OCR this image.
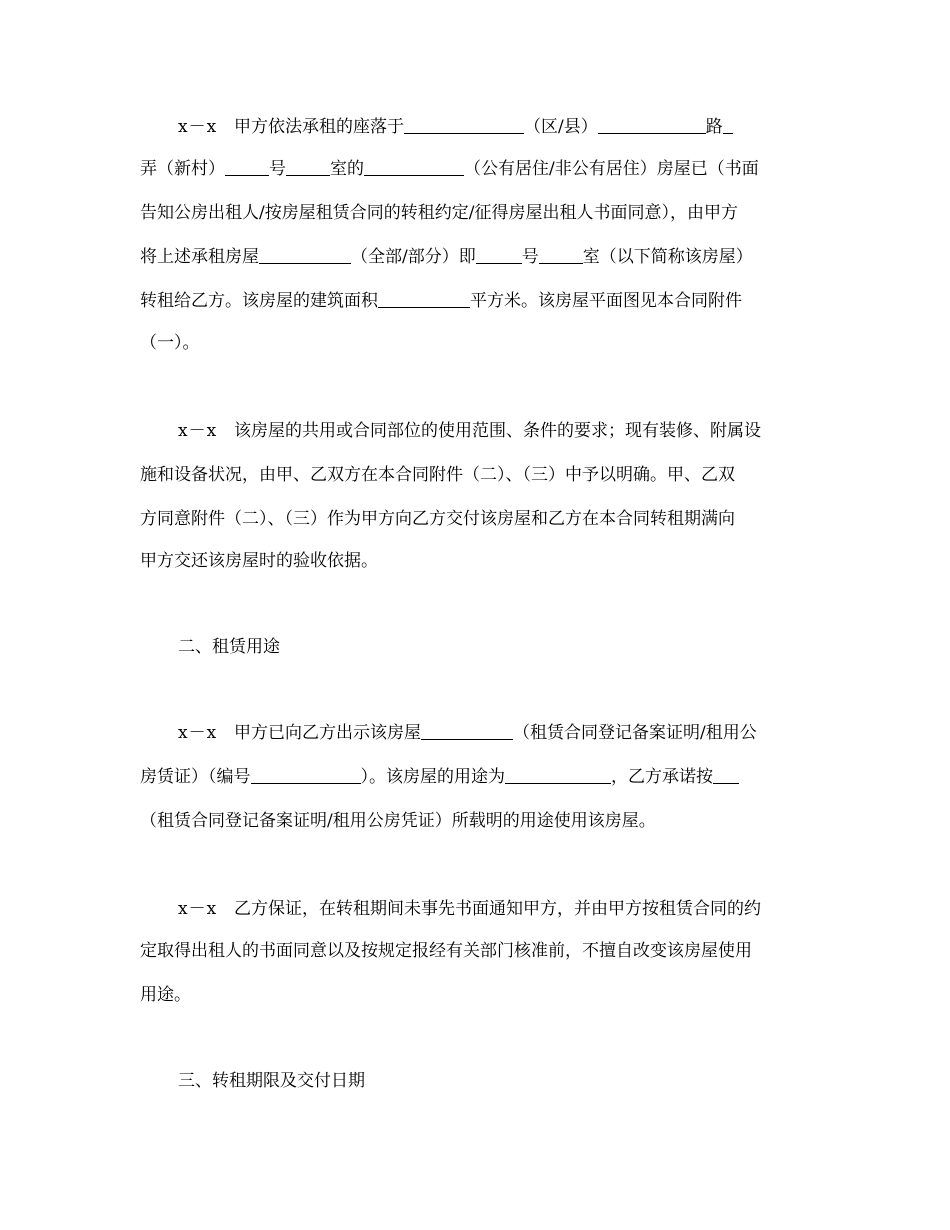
x－x 甲方依法承租的座落于	（区/县）	路
弄（新村）	号	室的	（公有居住/非公有居住）房屋已（书面
告知公房出租人/按房屋租赁合同的转租约定/征得房屋出租人书面同意），由甲方
将上述承租房屋	（全部/部分）即	号	室（以下简称该房屋）
转租给乙方。该房屋的建筑面积	平方米。该房屋平面图见本合同附件
（一）。
x－x 该房屋的共用或合同部位的使用范围、条件的要求；现有装修、附属设
施和设备状况，由甲、乙双方在本合同附件（二）、（三）中予以明确。甲、乙双
方同意附件（二）、（三）作为甲方向乙方交付该房屋和乙方在本合同转租期满向
甲方交还该房屋时的验收依据。
二、租赁用途
x－x 甲方已向乙方出示该房屋	（租赁合同登记备案证明/租用公
房赁证）（编号	）。该房屋的用途为	，乙方承诺按
（租赁合同登记备案证明/租用公房凭证）所载明的用途使用该房屋。
x－x 乙方保证，在转租期间未事先书面通知甲方，并由甲方按租赁合同的约
定取得出租人的书面同意以及按规定报经有关部门核准前，不擅自改变该房屋使用
用途。
三、转租期限及交付日期
